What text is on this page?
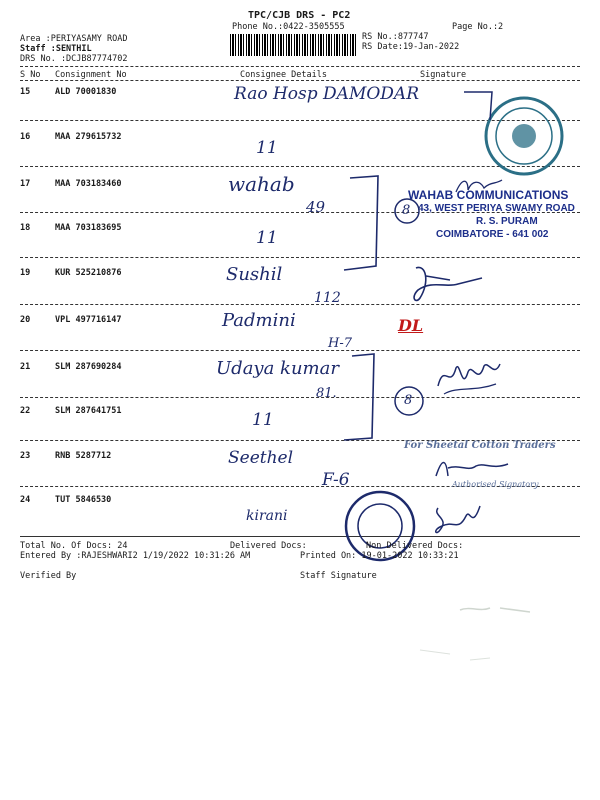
TPC/CJB DRS - PC2
Phone No.:0422-3505555	Page No.:2
Area :PERIYASAMY ROAD
Staff :SENTHIL
DRS No. :DCJB87774702
RS No.:877747
RS Date:19-Jan-2022
S No Consignment No	Consignee Details	Signature
15	ALD 70001830	Rao Hosp DAMODAR
16	MAA 279615732
11
17	MAA 703183460	wahab
49
18	MAA 703183695	11
19	KUR 525210876	Sushil
112
20	VPL 497716147	Padmini
H-7
DL
21	SLM 287690284	Udaya kumar
81.
22	SLM 287641751	11
23	RNB 5287712	Seethel
F-6
24	TUT 5846530
kirani
WAHAB COMMUNICATIONS
43, WEST PERIYA SWAMY ROAD
R. S. PURAM
COIMBATORE - 641 002
8
8
For Sheetal Cotton Traders
Authorised Signatory
Total No. Of Docs: 24	Delivered Docs:	Non Delivered Docs:
Entered By :RAJESHWARI2 1/19/2022 10:31:26 AM	Printed On: 19-01-2022 10:33:21
Verified By	Staff Signature
